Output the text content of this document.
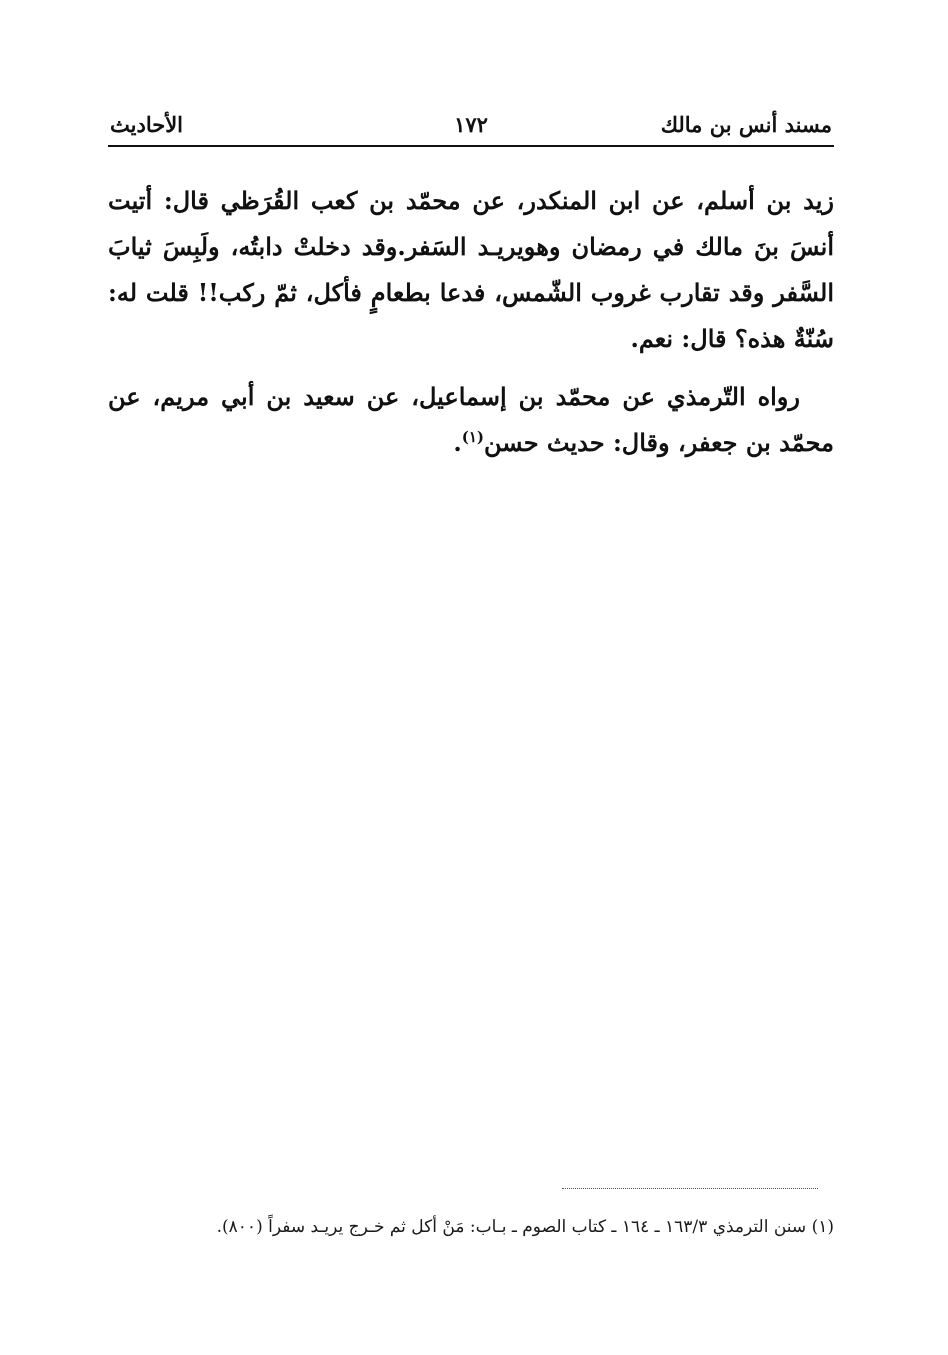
مسند أنس بن مالك
١٧٢
الأحاديث

زيد بن أسلم، عن ابن المنكدر، عن محمّد بن كعب القُرَظي قال: أتيت أنسَ بنَ مالك في رمضان وهويريـد السَفر.وقد دخلتْ دابتُه، ولَبِسَ ثيابَ السَّفر وقد تقارب غروب الشّمس، فدعا بطعامٍ فأكل، ثمّ ركب!! قلت له: سُنّةٌ هذه؟ قال: نعم.

رواه التّرمذي عن محمّد بن إسماعيل، عن سعيد بن أبي مريم، عن محمّد بن جعفر، وقال: حديث حسن$^{(١)}$.

(١) سنن الترمذي ١٦٣/٣ ـ ١٦٤ ـ كتاب الصوم ـ بـاب: مَنْ أكل ثم خـرج يريـد سفراً (٨٠٠).
